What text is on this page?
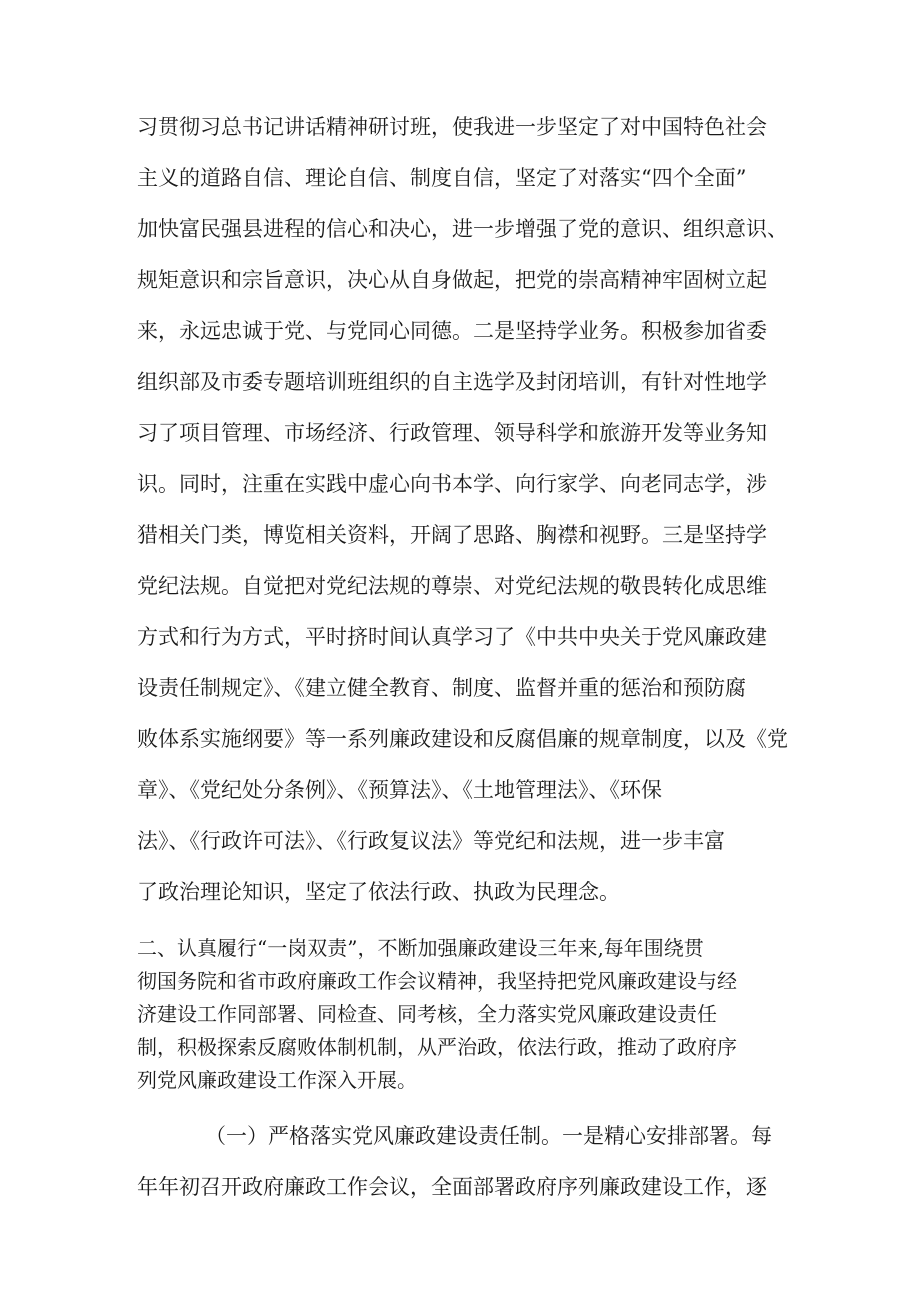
习贯彻习总书记讲话精神研讨班，使我进一步坚定了对中国特色社会

主义的道路自信、理论自信、制度自信，坚定了对落实“四个全面”

加快富民强县进程的信心和决心，进一步增强了党的意识、组织意识、

规矩意识和宗旨意识，决心从自身做起，把党的崇高精神牢固树立起

来，永远忠诚于党、与党同心同德。二是坚持学业务。积极参加省委

组织部及市委专题培训班组织的自主选学及封闭培训，有针对性地学

习了项目管理、市场经济、行政管理、领导科学和旅游开发等业务知

识。同时，注重在实践中虚心向书本学、向行家学、向老同志学，涉

猎相关门类，博览相关资料，开阔了思路、胸襟和视野。三是坚持学

党纪法规。自觉把对党纪法规的尊崇、对党纪法规的敬畏转化成思维

方式和行为方式，平时挤时间认真学习了《中共中央关于党风廉政建

设责任制规定》、《建立健全教育、制度、监督并重的惩治和预防腐

败体系实施纲要》等一系列廉政建设和反腐倡廉的规章制度，以及《党

章》、《党纪处分条例》、《预算法》、《土地管理法》、《环保

法》、《行政许可法》、《行政复议法》等党纪和法规，进一步丰富

了政治理论知识，坚定了依法行政、执政为民理念。

二、认真履行“一岗双责”，不断加强廉政建设三年来,每年围绕贯

彻国务院和省市政府廉政工作会议精神，我坚持把党风廉政建设与经

济建设工作同部署、同检查、同考核，全力落实党风廉政建设责任

制，积极探索反腐败体制机制，从严治政，依法行政，推动了政府序

列党风廉政建设工作深入开展。

（一）严格落实党风廉政建设责任制。一是精心安排部署。每

年年初召开政府廉政工作会议，全面部署政府序列廉政建设工作，逐
